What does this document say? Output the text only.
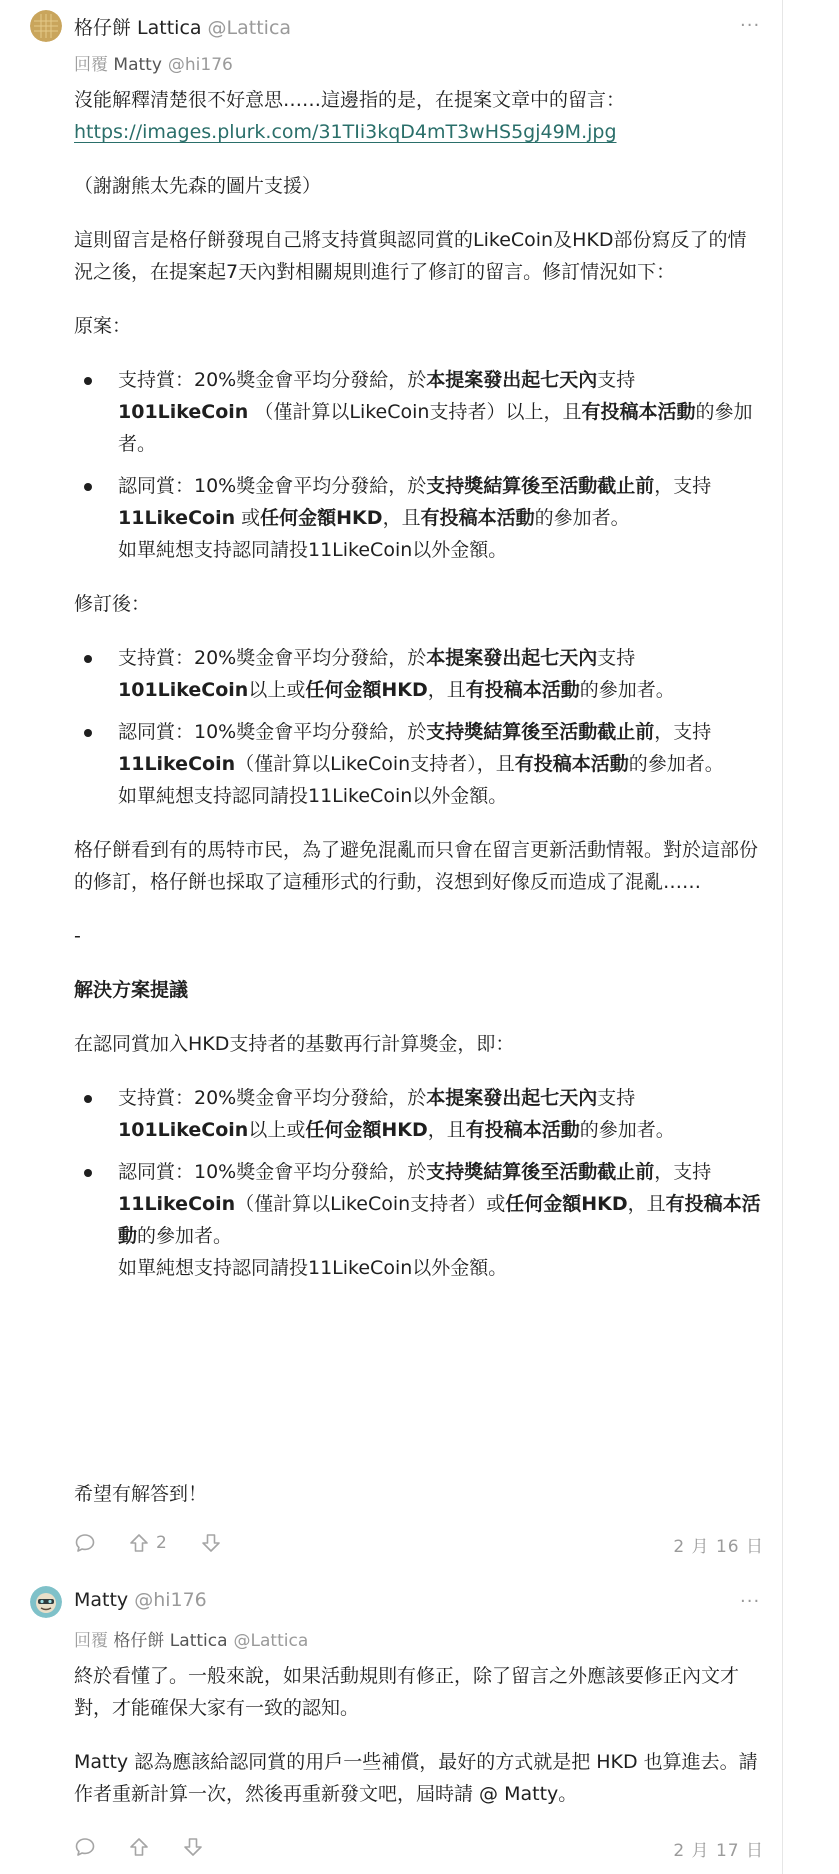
格仔餅 Lattica @Lattica	···
回覆 Matty @hi176

沒能解釋清楚很不好意思……這邊指的是，在提案文章中的留言：https://images.plurk.com/31TIi3kqD4mT3wHS5gj49M.jpg

（謝謝熊太先森的圖片支援）

這則留言是格仔餅發現自己將支持賞與認同賞的LikeCoin及HKD部份寫反了的情況之後，在提案起7天內對相關規則進行了修訂的留言。修訂情況如下：

原案：

支持賞：20%獎金會平均分發給，於本提案發出起七天內支持 101LikeCoin （僅計算以LikeCoin支持者）以上，且有投稿本活動的參加者。
認同賞：10%獎金會平均分發給，於支持獎結算後至活動截止前，支持 11LikeCoin 或任何金額HKD，且有投稿本活動的參加者。
如單純想支持認同請投11LikeCoin以外金額。

修訂後：

支持賞：20%獎金會平均分發給，於本提案發出起七天內支持 101LikeCoin以上或任何金額HKD，且有投稿本活動的參加者。
認同賞：10%獎金會平均分發給，於支持獎結算後至活動截止前，支持 11LikeCoin（僅計算以LikeCoin支持者），且有投稿本活動的參加者。
如單純想支持認同請投11LikeCoin以外金額。

格仔餅看到有的馬特市民，為了避免混亂而只會在留言更新活動情報。對於這部份的修訂，格仔餅也採取了這種形式的行動，沒想到好像反而造成了混亂……

-

解決方案提議

在認同賞加入HKD支持者的基數再行計算獎金，即：

支持賞：20%獎金會平均分發給，於本提案發出起七天內支持 101LikeCoin以上或任何金額HKD，且有投稿本活動的參加者。
認同賞：10%獎金會平均分發給，於支持獎結算後至活動截止前，支持 11LikeCoin（僅計算以LikeCoin支持者）或任何金額HKD，且有投稿本活動的參加者。
如單純想支持認同請投11LikeCoin以外金額。

希望有解答到！

2	2 月 16 日
Matty @hi176	···
回覆 格仔餅 Lattica @Lattica

終於看懂了。一般來說，如果活動規則有修正，除了留言之外應該要修正內文才對，才能確保大家有一致的認知。

Matty 認為應該給認同賞的用戶一些補償，最好的方式就是把 HKD 也算進去。請作者重新計算一次，然後再重新發文吧，屆時請 @ Matty。

2 月 17 日
